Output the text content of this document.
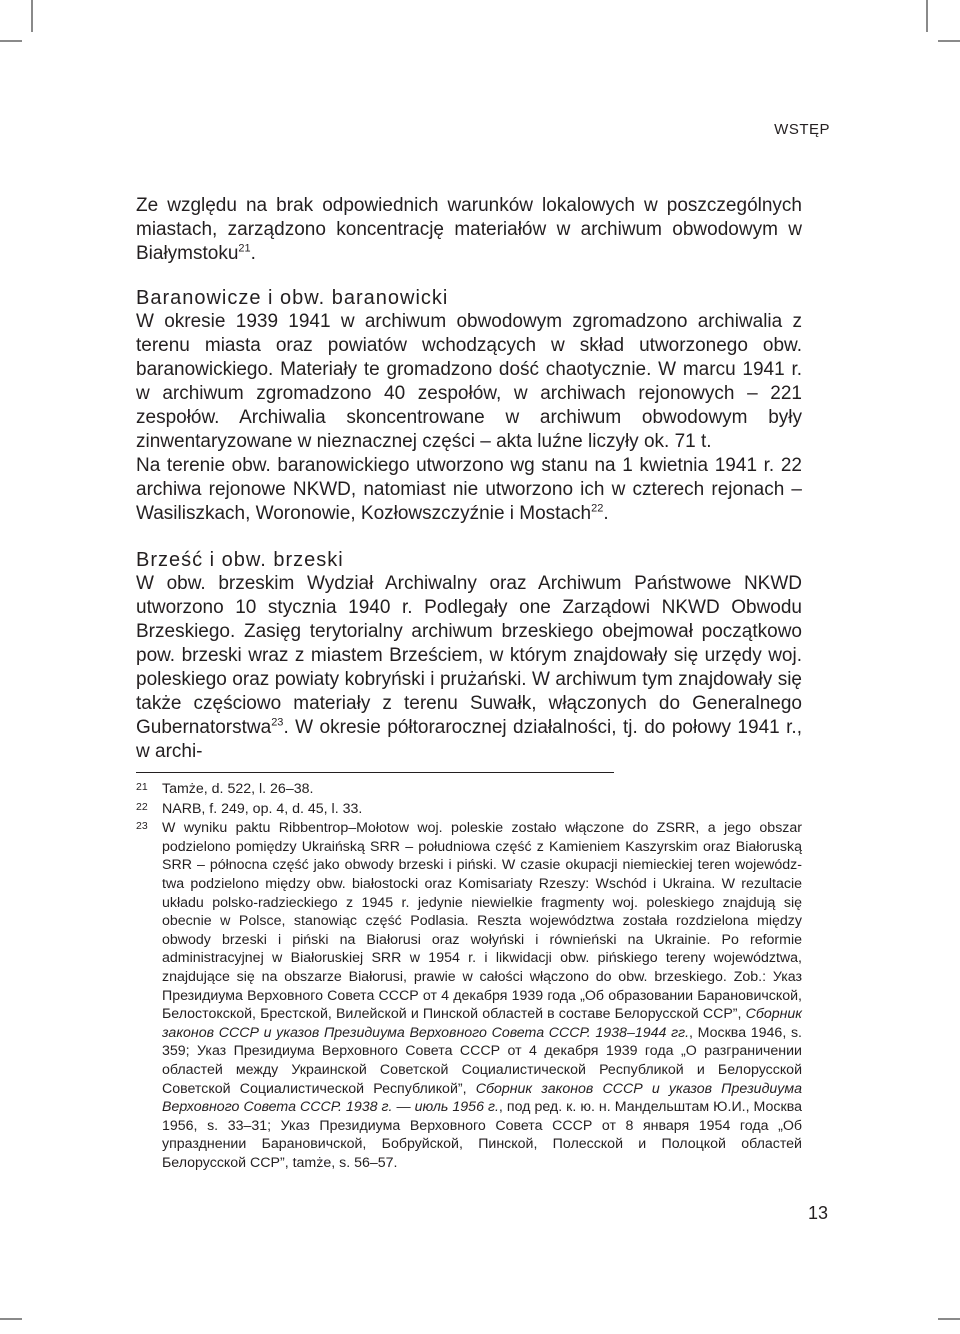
WSTĘP

Ze względu na brak odpowiednich warunków lokalowych w poszczególnych miastach, zarządzono koncentrację materiałów w archiwum obwodowym w Białymstoku$^{21}$.

Baranowicze i obw. baranowicki

W okresie 1939 1941 w archiwum obwodowym zgromadzono archiwalia z terenu miasta oraz powiatów wchodzących w skład utworzonego obw. baranowickiego. Materiały te gromadzono dość chaotycznie. W marcu 1941 r. w archiwum zgromadzono 40 zespołów, w archiwach rejonowych – 221 zespołów. Archiwalia skoncentrowane w archiwum obwodowym były zinwentaryzowane w nieznacznej części – akta luźne liczyły ok. 71 t.

Na terenie obw. baranowickiego utworzono wg stanu na 1 kwietnia 1941 r. 22 archiwa rejonowe NKWD, natomiast nie utworzono ich w czterech rejonach – Wasiliszkach, Woronowie, Kozłowszczyźnie i Mostach$^{22}$.

Brześć i obw. brzeski

W obw. brzeskim Wydział Archiwalny oraz Archiwum Państwowe NKWD utworzono 10 stycznia 1940 r. Podlegały one Zarządowi NKWD Obwodu Brzeskiego. Zasięg terytorialny archiwum brzeskiego obejmował początkowo pow. brzeski wraz z miastem Brześciem, w którym znajdowały się urzędy woj. poleskiego oraz powiaty kobryński i prużański. W archiwum tym znajdowały się także częściowo materiały z terenu Suwałk, włączonych do Generalnego Gubernatorstwa$^{23}$. W okresie półtorarocznej działalności, tj. do połowy 1941 r., w archi-

21	Tamże, d. 522, l. 26–38.
22	NARB, f. 249, op. 4, d. 45, l. 33.
23	W wyniku paktu Ribbentrop–Mołotow woj. poleskie zostało włączone do ZSRR, a jego obszar podzielono pomiędzy Ukraińską SRR – południowa część z Kamieniem Kaszyrskim oraz Białoruską SRR – północna część jako obwody brzeski i piński. W czasie okupacji niemieckiej teren województwa podzielono między obw. białostocki oraz Komisariaty Rzeszy: Wschód i Ukraina. W rezultacie układu polsko-radzieckiego z 1945 r. jedynie niewielkie fragmenty woj. poleskiego znajdują się obecnie w Polsce, stanowiąc część Podlasia. Reszta województwa została rozdzielona między obwody brzeski i piński na Białorusi oraz wołyński i równieński na Ukrainie. Po reformie administracyjnej w Białoruskiej SRR w 1954 r. i likwidacji obw. pińskiego tereny województwa, znajdujące się na obszarze Białorusi, prawie w całości włączono do obw. brzeskiego. Zob.: Указ Президиума Верховного Совета СССР от 4 декабря 1939 года „Об образовании Барановичской, Белостокской, Брестской, Вилейской и Пинской областей в составе Белорусской ССР”, Сборник законов СССР и указов Президиума Верховного Совета СССР. 1938–1944 гг., Москва 1946, s. 359; Указ Президиума Верховного Совета СССР от 4 декабря 1939 года „О разграничении областей между Украинской Советской Социалистической Республикой и Белорусской Советской Социалистической Республикой”, Сборник законов СССР и указов Президиума Верховного Совета СССР. 1938 г. — июль 1956 г., под ред. к. ю. н. Мандельштам Ю.И., Москва 1956, s. 33–31; Указ Президиума Верховного Совета СССР от 8 января 1954 года „Об упразднении Барановичской, Бобруйской, Пинской, Полесской и Полоцкой областей Белорусской ССР”, tamże, s. 56–57.
13
